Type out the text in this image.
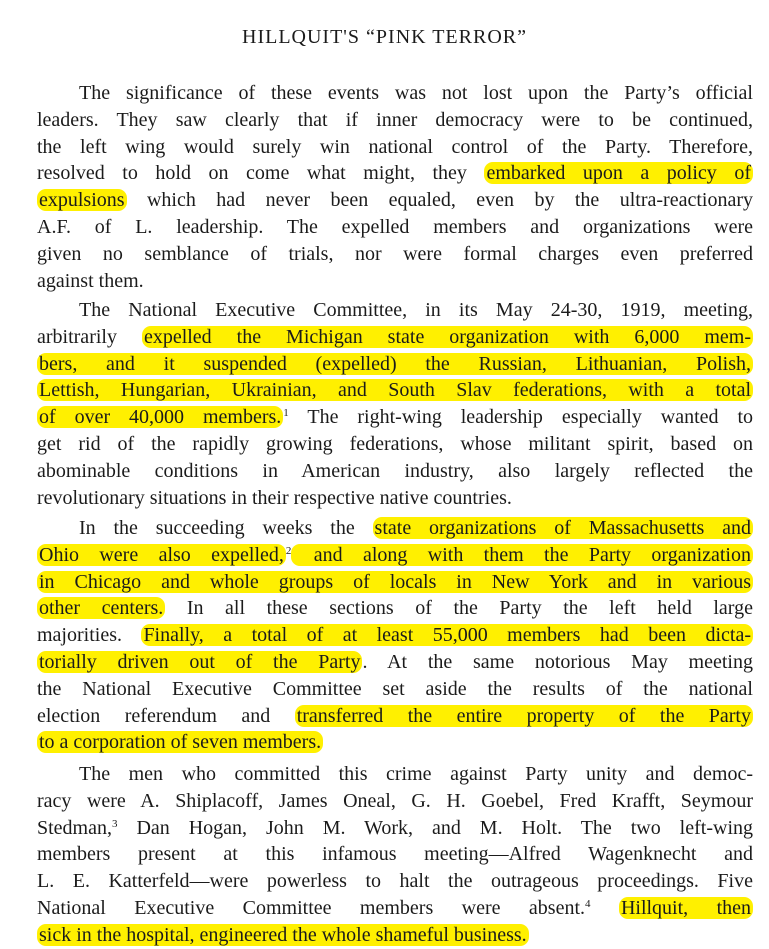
HILLQUIT'S “PINK TERROR”
The significance of these events was not lost upon the Party’s official
leaders. They saw clearly that if inner democracy were to be continued,
the left wing would surely win national control of the Party. Therefore,
resolved to hold on come what might, they embarked upon a policy of
expulsions which had never been equaled, even by the ultra-reactionary
A.F. of L. leadership. The expelled members and organizations were
given no semblance of trials, nor were formal charges even preferred
against them.
The National Executive Committee, in its May 24-30, 1919, meeting,
arbitrarily expelled the Michigan state organization with 6,000 mem-
bers, and it suspended (expelled) the Russian, Lithuanian, Polish,
Lettish, Hungarian, Ukrainian, and South Slav federations, with a total
of over 40,000 members. $^1$ The right-wing leadership especially wanted to
get rid of the rapidly growing federations, whose militant spirit, based on
abominable conditions in American industry, also largely reflected the
revolutionary situations in their respective native countries.
In the succeeding weeks the state organizations of Massachusetts and
Ohio were also expelled, $^2$ and along with them the Party organization
in Chicago and whole groups of locals in New York and in various
other centers. In all these sections of the Party the left held large
majorities. Finally, a total of at least 55,000 members had been dicta-
torially driven out of the Party . At the same notorious May meeting
the National Executive Committee set aside the results of the national
election referendum and transferred the entire property of the Party
to a corporation of seven members.
The men who committed this crime against Party unity and democ-
racy were A. Shiplacoff, James Oneal, G. H. Goebel, Fred Krafft, Seymour
Stedman,$^3$ Dan Hogan, John M. Work, and M. Holt. The two left-wing
members present at this infamous meeting—Alfred Wagenknecht and
L. E. Katterfeld—were powerless to halt the outrageous proceedings. Five
National Executive Committee members were absent.$^4$ Hillquit, then
sick in the hospital, engineered the whole shameful business.
